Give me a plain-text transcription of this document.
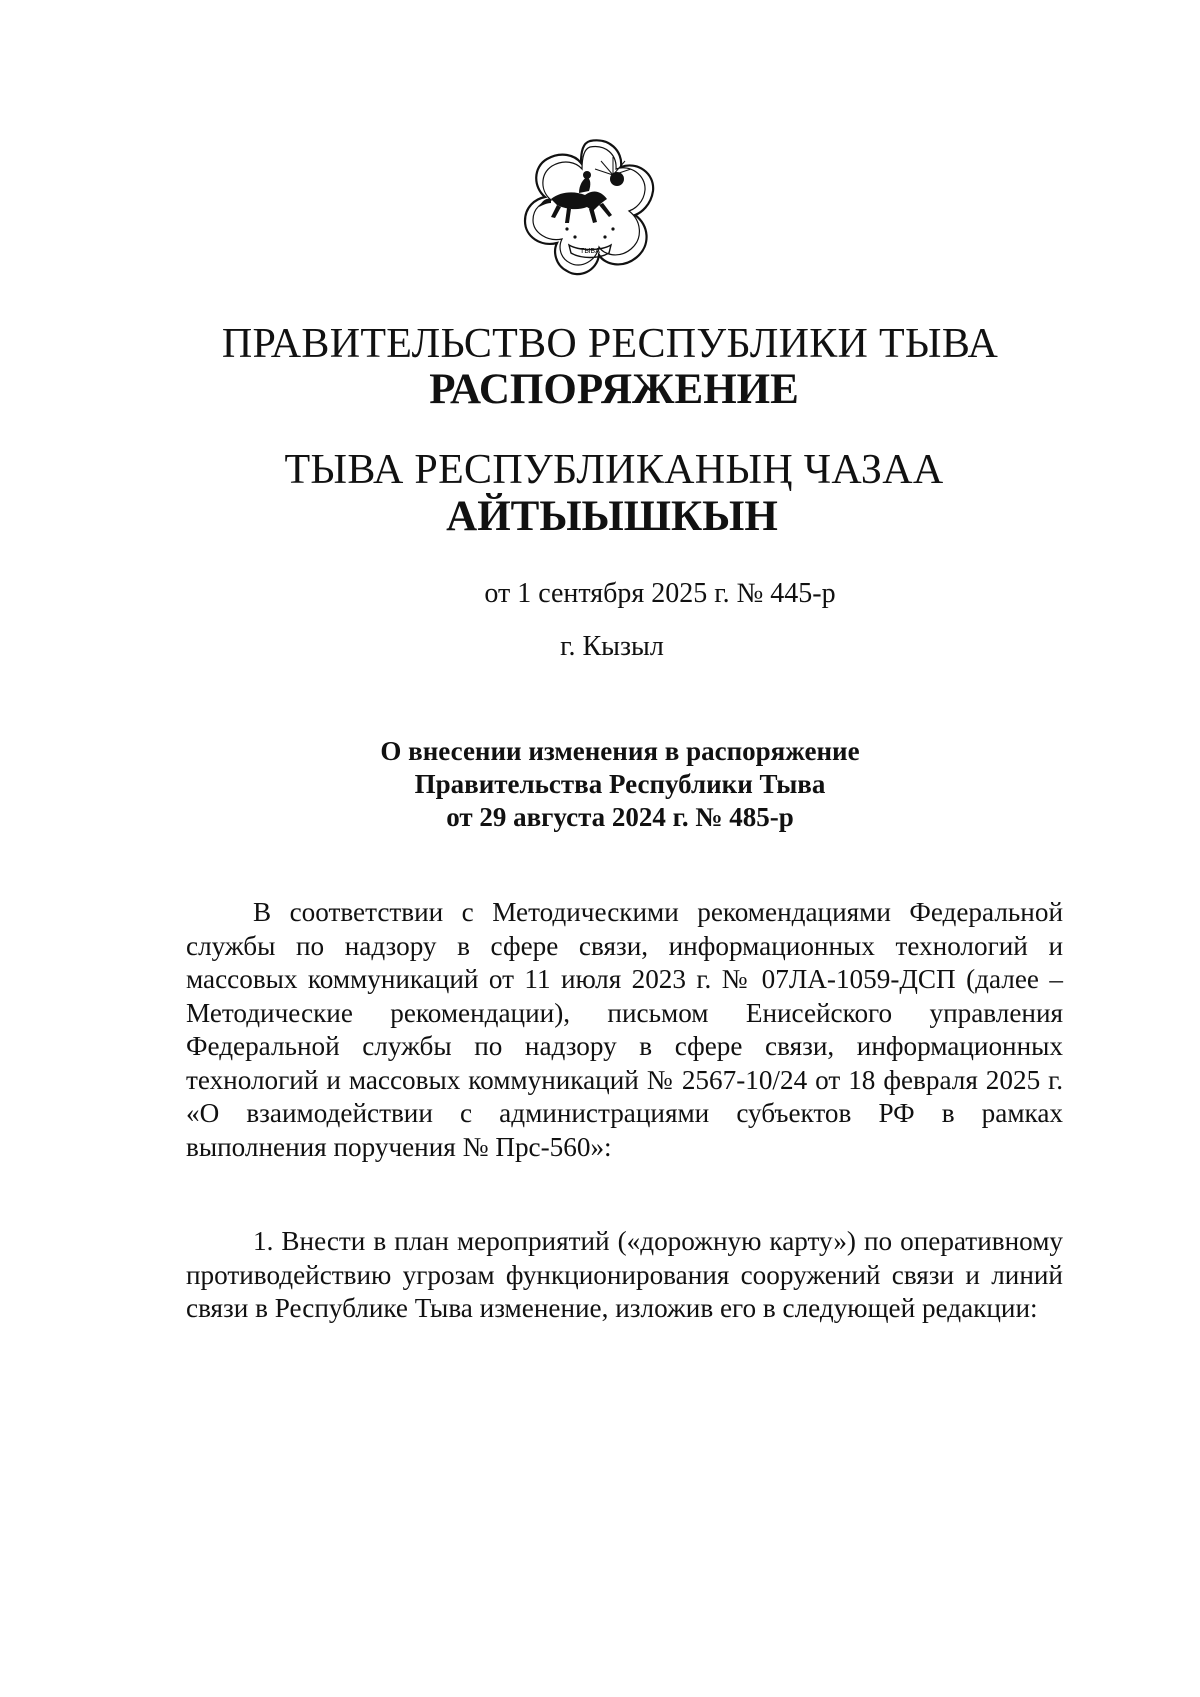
ТЫВА
ПРАВИТЕЛЬСТВО РЕСПУБЛИКИ ТЫВА
РАСПОРЯЖЕНИЕ
ТЫВА РЕСПУБЛИКАНЫҢ ЧАЗАА
АЙТЫЫШКЫН
от 1 сентября 2025 г. № 445-р
г. Кызыл
О внесении изменения в распоряжение
Правительства Республики Тыва
от 29 августа 2024 г. № 485-р

В соответствии с Методическими рекомендациями Федеральной службы по надзору в сфере связи, информационных технологий и массовых коммуникаций от 11 июля 2023 г. № 07ЛА-1059-ДСП (далее – Методические рекомендации), письмом Енисейского управления Федеральной службы по надзору в сфере связи, информационных технологий и массовых коммуникаций № 2567-10/24 от 18 февраля 2025 г. «О взаимодействии с администрациями субъектов РФ в рамках выполнения поручения № Прс-560»:

1. Внести в план мероприятий («дорожную карту») по оперативному противодействию угрозам функционирования сооружений связи и линий связи в Республике Тыва изменение, изложив его в следующей редакции:
